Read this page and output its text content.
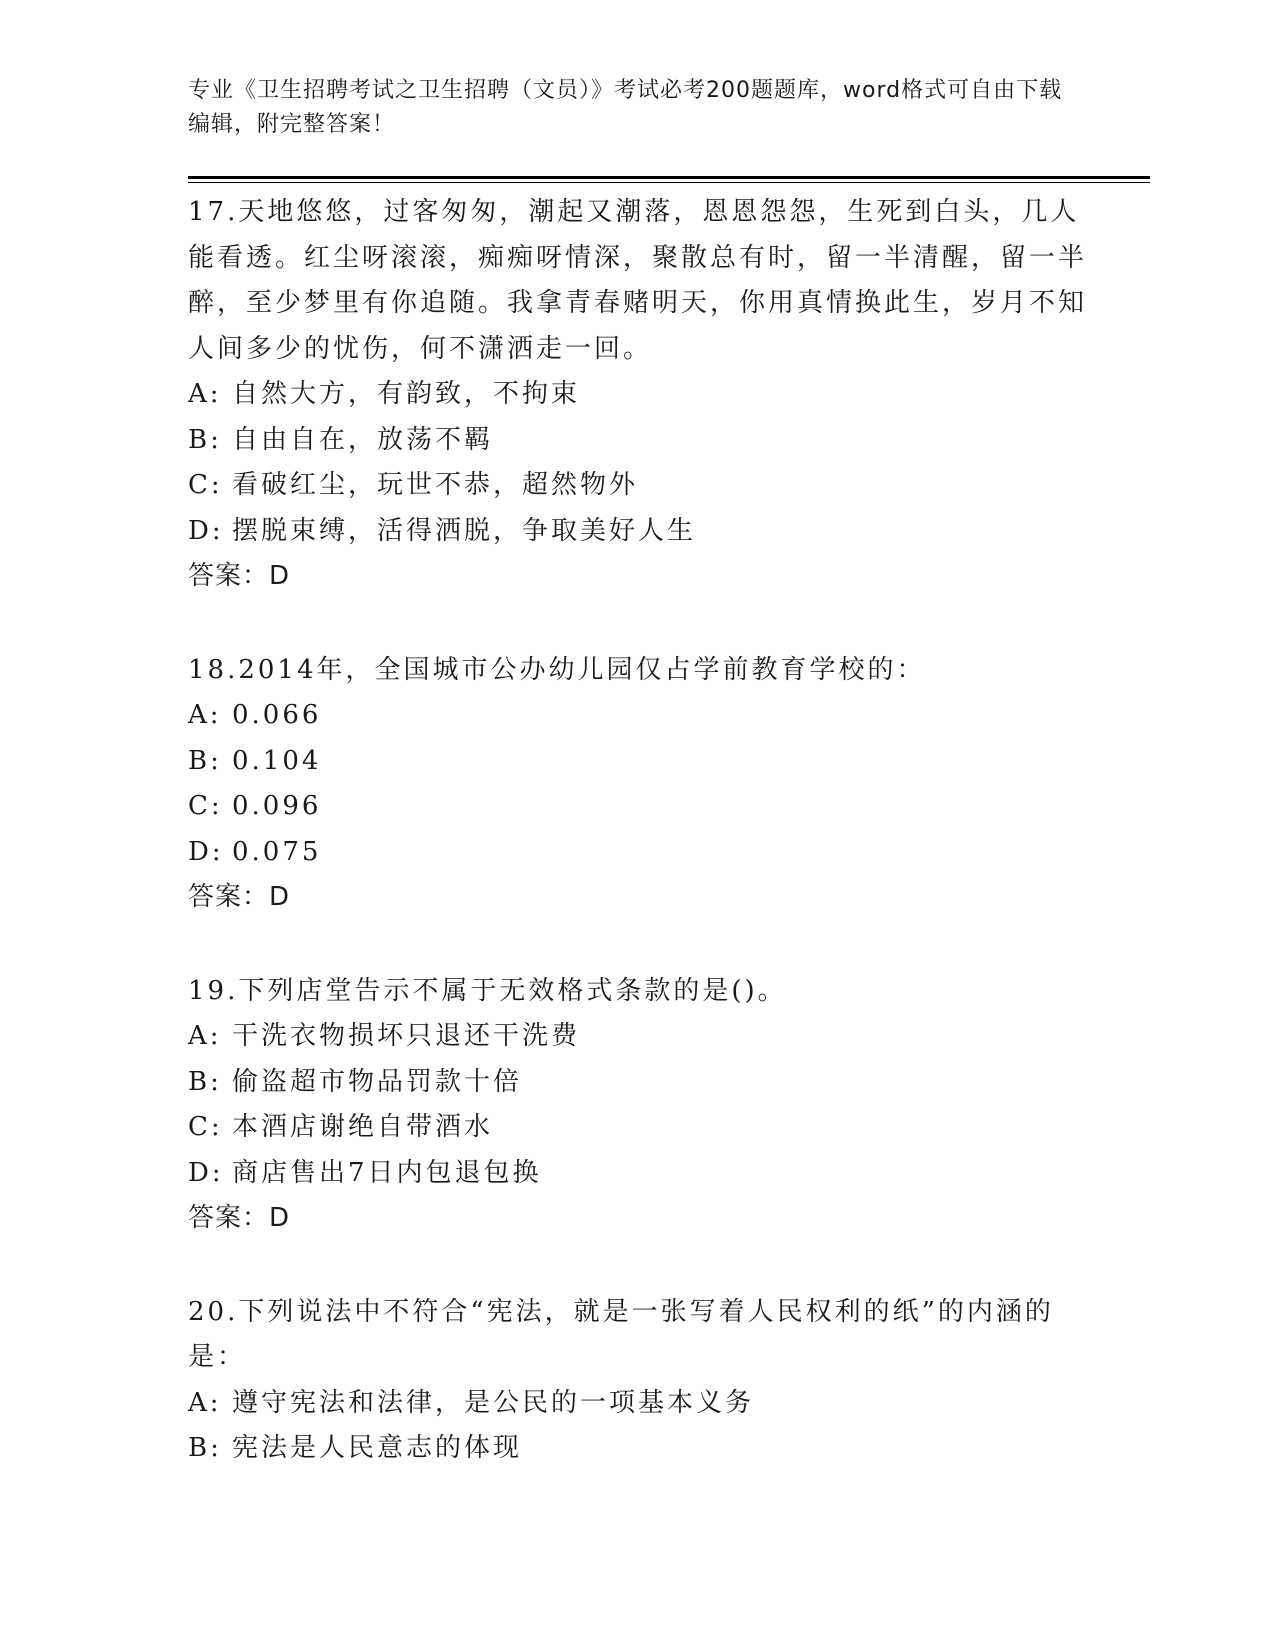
专业《卫生招聘考试之卫生招聘（文员）》考试必考200题题库，word格式可自由下载编辑，附完整答案！
17.天地悠悠，过客匆匆，潮起又潮落，恩恩怨怨，生死到白头，几人能看透。红尘呀滚滚，痴痴呀情深，聚散总有时，留一半清醒，留一半醉，至少梦里有你追随。我拿青春赌明天，你用真情换此生，岁月不知人间多少的忧伤，何不潇洒走一回。
A: 自然大方，有韵致，不拘束
B: 自由自在，放荡不羁
C: 看破红尘，玩世不恭，超然物外
D: 摆脱束缚，活得洒脱，争取美好人生
答案：D
18.2014年，全国城市公办幼儿园仅占学前教育学校的：
A: 0.066
B: 0.104
C: 0.096
D: 0.075
答案：D
19.下列店堂告示不属于无效格式条款的是()。
A: 干洗衣物损坏只退还干洗费
B: 偷盗超市物品罚款十倍
C: 本酒店谢绝自带酒水
D: 商店售出7日内包退包换
答案：D
20.下列说法中不符合“宪法，就是一张写着人民权利的纸”的内涵的是：
A: 遵守宪法和法律，是公民的一项基本义务
B: 宪法是人民意志的体现
